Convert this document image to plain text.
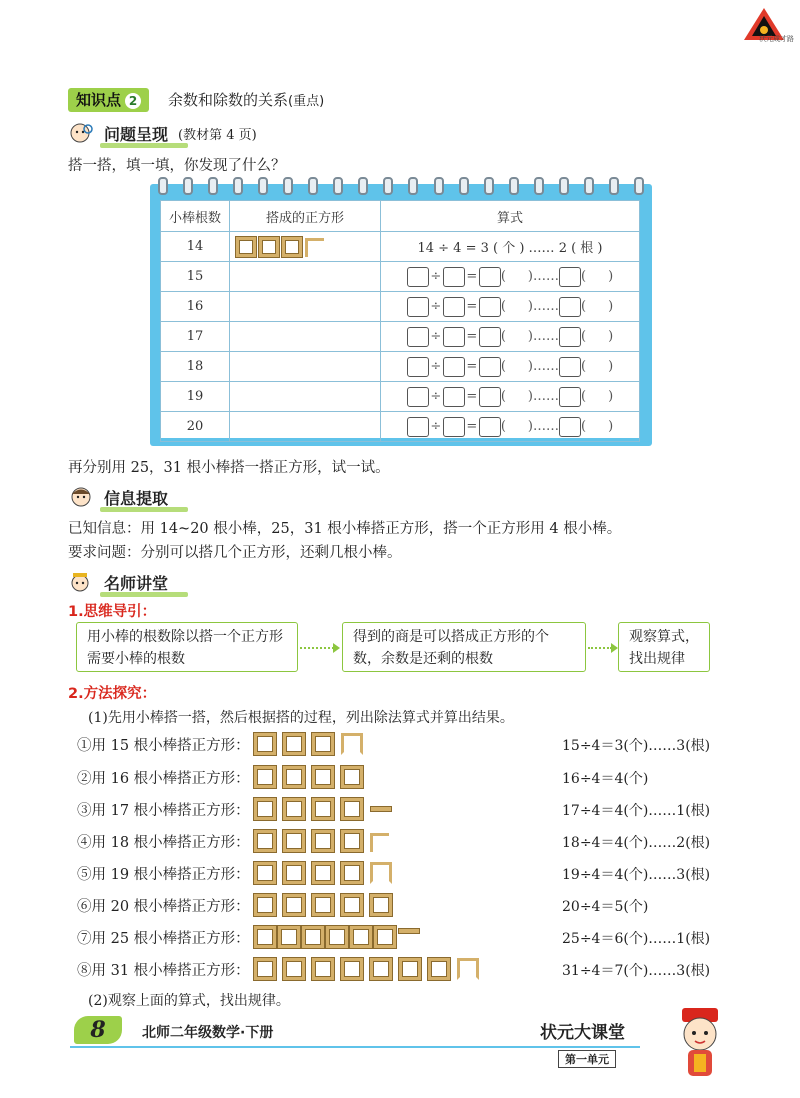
状元成才路
知识点 2	余数和除数的关系(重点)
问题呈现 (教材第 4 页)
搭一搭，填一填，你发现了什么？
小棒根数	搭成的正方形	算式
14		14 ÷ 4 = 3 ( 个 ) …… 2 ( 根 )
15		÷ = ( )…… ( )
16		÷ = ( )…… ( )
17		÷ = ( )…… ( )
18		÷ = ( )…… ( )
19		÷ = ( )…… ( )
20		÷ = ( )…… ( )
再分别用 25，31 根小棒搭一搭正方形，试一试。
信息提取
已知信息：用 14~20 根小棒，25，31 根小棒搭正方形，搭一个正方形用 4 根小棒。
要求问题：分别可以搭几个正方形，还剩几根小棒。
名师讲堂
1.思维导引：
用小棒的根数除以搭一个正方形需要小棒的根数
得到的商是可以搭成正方形的个数，余数是还剩的根数
观察算式，找出规律
2.方法探究：
(1)先用小棒搭一搭，然后根据搭的过程，列出除法算式并算出结果。
①用 15 根小棒搭正方形：	15÷4＝3(个)……3(根)
②用 16 根小棒搭正方形：	16÷4＝4(个)
③用 17 根小棒搭正方形：	17÷4＝4(个)……1(根)
④用 18 根小棒搭正方形：	18÷4＝4(个)……2(根)
⑤用 19 根小棒搭正方形：	19÷4＝4(个)……3(根)
⑥用 20 根小棒搭正方形：	20÷4＝5(个)
⑦用 25 根小棒搭正方形：	25÷4＝6(个)……1(根)
⑧用 31 根小棒搭正方形：	31÷4＝7(个)……3(根)
(2)观察上面的算式，找出规律。
8	北师二年级数学·下册	状元大课堂
第一单元
